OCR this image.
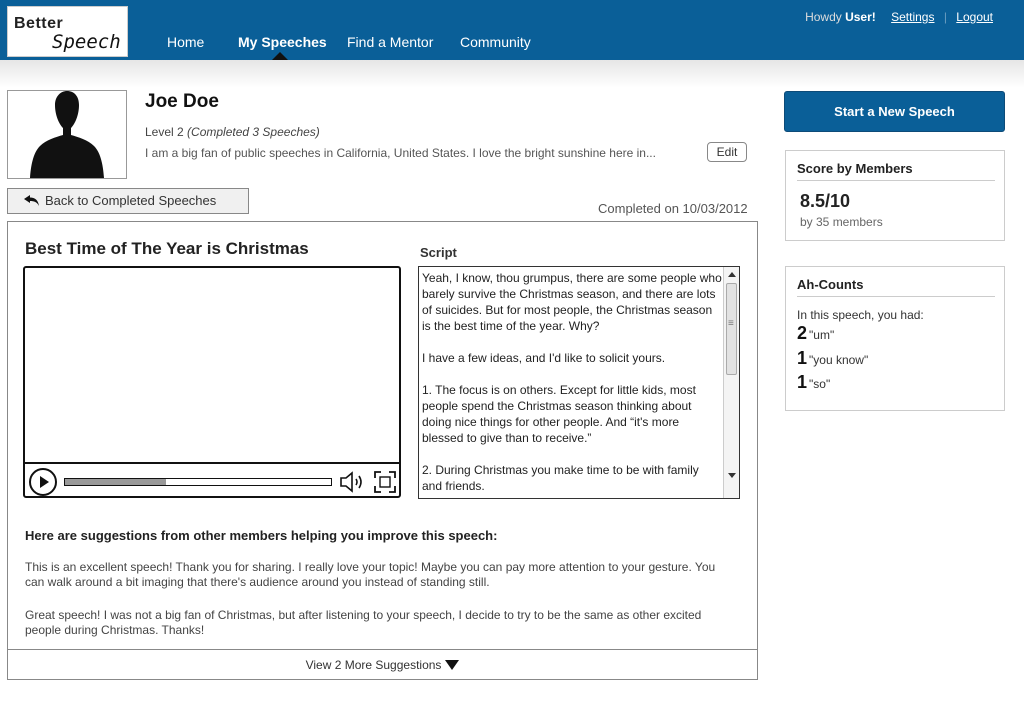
Better
Speech	Home My Speeches Find a Mentor Community
Howdy User! Settings | Logout
Joe Doe
Level 2 (Completed 3 Speeches)
I am a big fan of public speeches in California, United States. I love the bright sunshine here in...	Edit
Back to Completed Speeches
Completed on 10/03/2012
Best Time of The Year is Christmas	Script
Yeah, I know, thou grumpus, there are some people who barely survive the Christmas season, and there are lots of suicides. But for most people, the Christmas season is the best time of the year. Why?

I have a few ideas, and I'd like to solicit yours.

1. The focus is on others. Except for little kids, most people spend the Christmas season thinking about doing nice things for other people. And “it's more blessed to give than to receive.”

2. During Christmas you make time to be with family and friends.
≡
Here are suggestions from other members helping you improve this speech:
This is an excellent speech! Thank you for sharing. I really love your topic! Maybe you can pay more attention to your gesture. You can walk around a bit imaging that there's audience around you instead of standing still.
Great speech! I was not a big fan of Christmas, but after listening to your speech, I decide to try to be the same as other excited people during Christmas. Thanks!
View 2 More Suggestions
Start a New Speech
Score by Members
8.5/10
by 35 members
Ah-Counts
In this speech, you had:
2 "um"
1 "you know"
1 "so"
